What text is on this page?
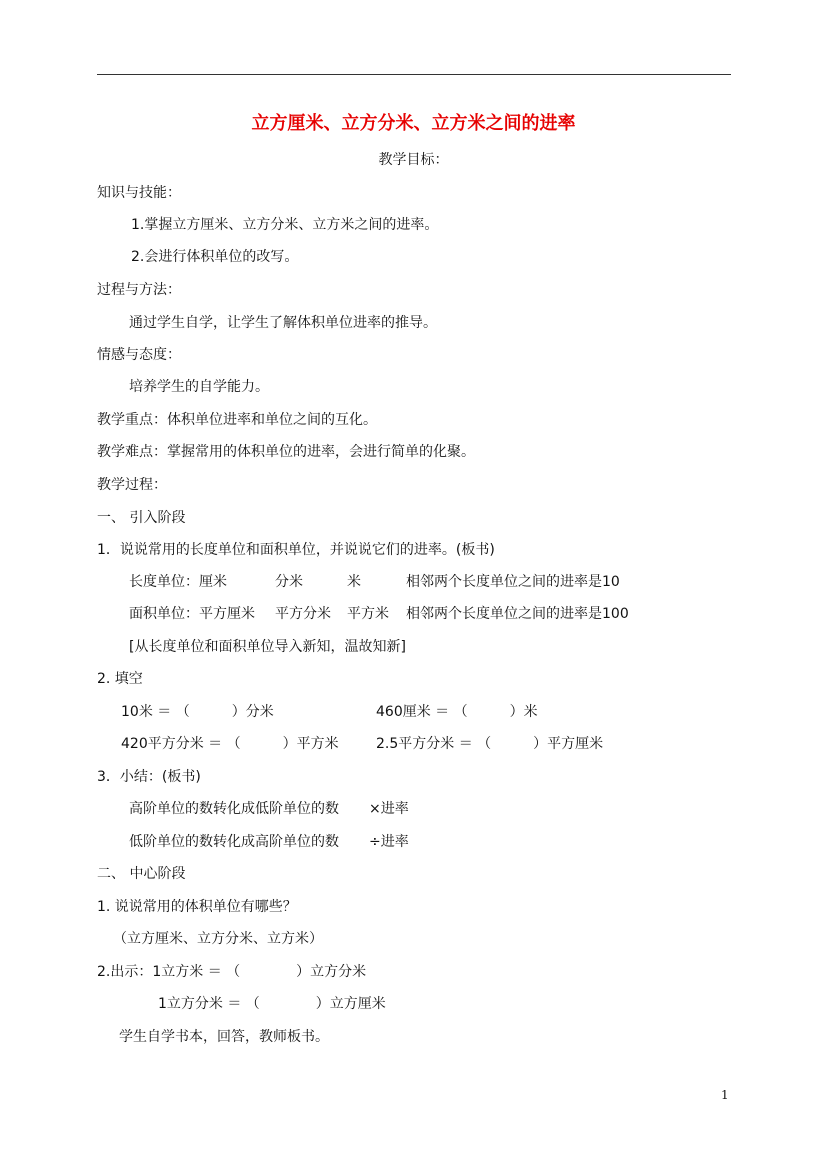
立方厘米、立方分米、立方米之间的进率
教学目标：
知识与技能：
1.掌握立方厘米、立方分米、立方米之间的进率。
2.会进行体积单位的改写。
过程与方法：
通过学生自学，让学生了解体积单位进率的推导。
情感与态度：
培养学生的自学能力。
教学重点：体积单位进率和单位之间的互化。
教学难点：掌握常用的体积单位的进率，会进行简单的化聚。
教学过程：
一、 引入阶段
1．说说常用的长度单位和面积单位，并说说它们的进率。(板书)
长度单位：厘米	分米	米	相邻两个长度单位之间的进率是10
面积单位：平方厘米 平方分米 平方米 相邻两个长度单位之间的进率是100
[从长度单位和面积单位导入新知，温故知新]
2. 填空
10米 ＝ （　　　）分米	460厘米 ＝ （　　　）米
420平方分米 ＝ （　　　）平方米	2.5平方分米 ＝ （　　　）平方厘米
3．小结：(板书)
高阶单位的数转化成低阶单位的数 ×进率
低阶单位的数转化成高阶单位的数 ÷进率
二、 中心阶段
1. 说说常用的体积单位有哪些？
（立方厘米、立方分米、立方米）
2.出示：1立方米 ＝ （　　　　）立方分米
1立方分米 ＝ （　　　　）立方厘米
学生自学书本，回答，教师板书。
1
